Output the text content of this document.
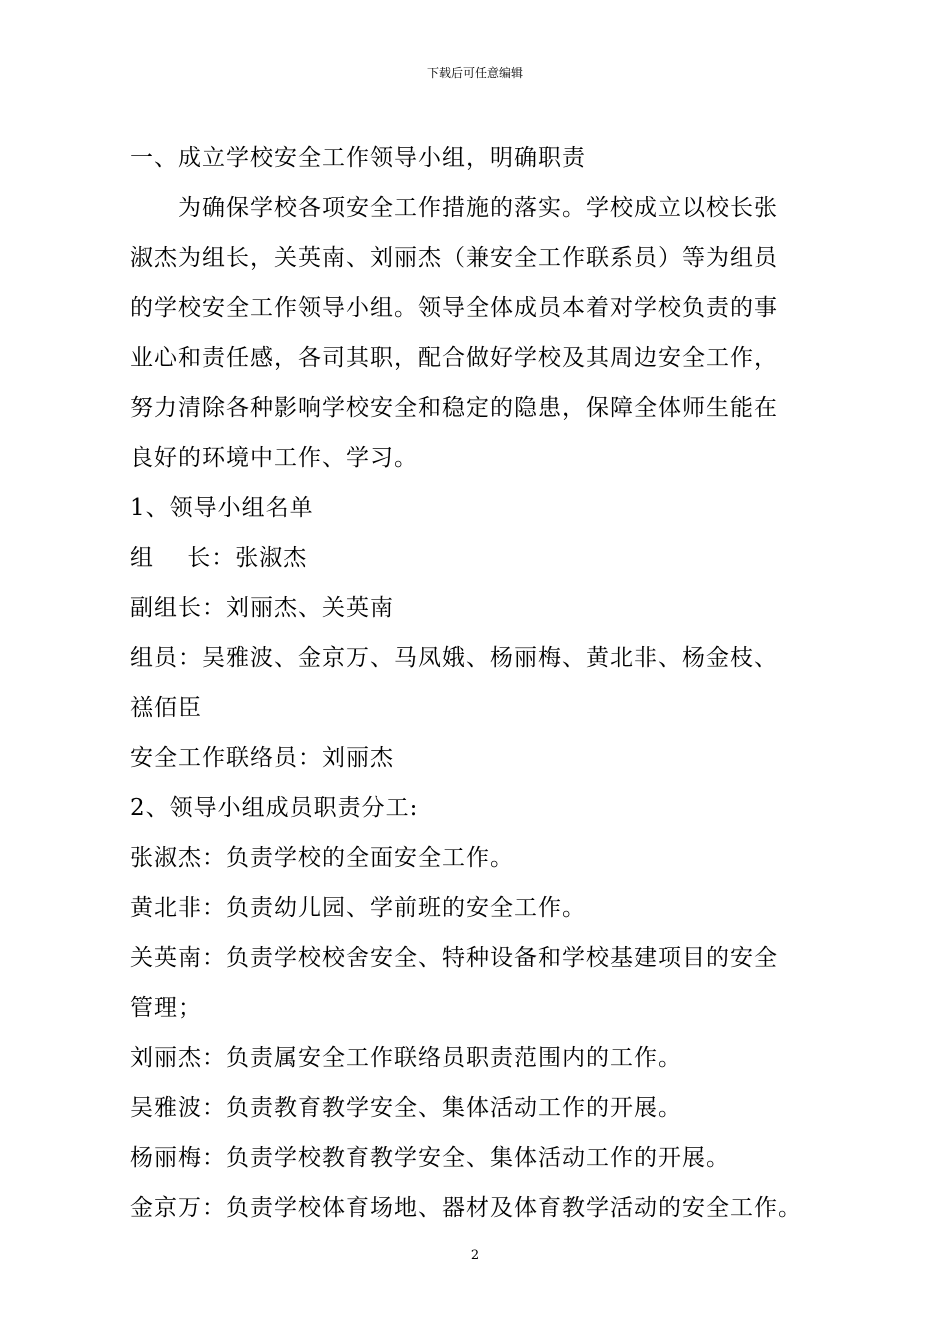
下载后可任意编辑
一、成立学校安全工作领导小组，明确职责
为确保学校各项安全工作措施的落实。学校成立以校长张
淑杰为组长，关英南、刘丽杰（兼安全工作联系员）等为组员
的学校安全工作领导小组。领导全体成员本着对学校负责的事
业心和责任感，各司其职，配合做好学校及其周边安全工作，
努力清除各种影响学校安全和稳定的隐患，保障全体师生能在
良好的环境中工作、学习。
1、领导小组名单
组    长：张淑杰
副组长：刘丽杰、关英南
组员：吴雅波、金京万、马凤娥、杨丽梅、黄北非、杨金枝、
禚佰臣
安全工作联络员：刘丽杰
2、领导小组成员职责分工:
张淑杰：负责学校的全面安全工作。
黄北非：负责幼儿园、学前班的安全工作。
关英南：负责学校校舍安全、特种设备和学校基建项目的安全
管理；
刘丽杰：负责属安全工作联络员职责范围内的工作。
吴雅波：负责教育教学安全、集体活动工作的开展。
杨丽梅：负责学校教育教学安全、集体活动工作的开展。
金京万：负责学校体育场地、器材及体育教学活动的安全工作。
2
